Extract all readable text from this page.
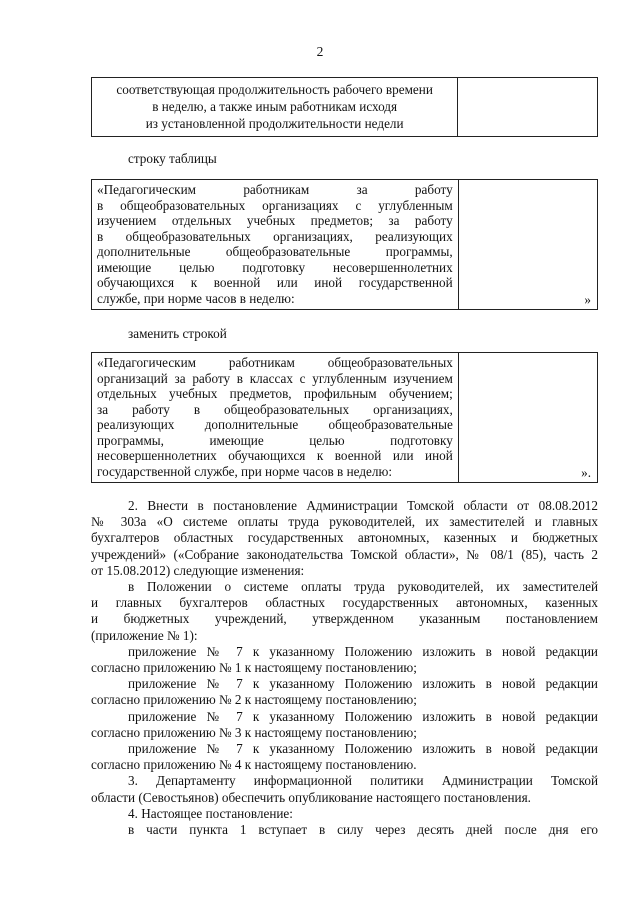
2
соответствующая продолжительность рабочего времени
в неделю, а также иным работникам исходя
из установленной продолжительности недели

строку таблицы
«Педагогическим работникам за работу
в общеобразовательных организациях с углубленным
изучением отдельных учебных предметов; за работу
в общеобразовательных организациях, реализующих
дополнительные общеобразовательные программы,
имеющие целью подготовку несовершеннолетних
обучающихся к военной или иной государственной
службе, при норме часов в неделю:	»
заменить строкой
«Педагогическим работникам общеобразовательных
организаций за работу в классах с углубленным изучением
отдельных учебных предметов, профильным обучением;
за работу в общеобразовательных организациях,
реализующих дополнительные общеобразовательные
программы, имеющие целью подготовку
несовершеннолетних обучающихся к военной или иной
государственной службе, при норме часов в неделю:	».
2. Внести в постановление Администрации Томской области от 08.08.2012
№ 303а «О системе оплаты труда руководителей, их заместителей и главных
бухгалтеров областных государственных автономных, казенных и бюджетных
учреждений» («Собрание законодательства Томской области», № 08/1 (85), часть 2
от 15.08.2012) следующие изменения:
в Положении о системе оплаты труда руководителей, их заместителей
и главных бухгалтеров областных государственных автономных, казенных
и бюджетных учреждений, утвержденном указанным постановлением
(приложение № 1):
приложение № 7 к указанному Положению изложить в новой редакции
согласно приложению № 1 к настоящему постановлению;
приложение № 7 к указанному Положению изложить в новой редакции
согласно приложению № 2 к настоящему постановлению;
приложение № 7 к указанному Положению изложить в новой редакции
согласно приложению № 3 к настоящему постановлению;
приложение № 7 к указанному Положению изложить в новой редакции
согласно приложению № 4 к настоящему постановлению.
3. Департаменту информационной политики Администрации Томской
области (Севостьянов) обеспечить опубликование настоящего постановления.
4. Настоящее постановление:
в части пункта 1 вступает в силу через десять дней после дня его
